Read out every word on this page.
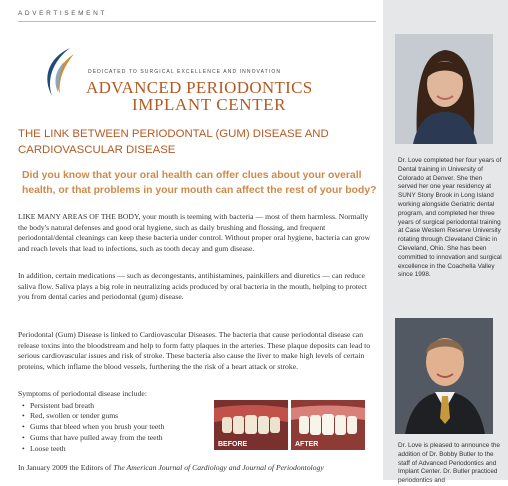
ADVERTISEMENT
DEDICATED TO SURGICAL EXCELLENCE AND INNOVATION
ADVANCED PERIODONTICS
IMPLANT CENTER
THE LINK BETWEEN PERIODONTAL (GUM) DISEASE AND CARDIOVASCULAR DISEASE
Did you know that your oral health can offer clues about your overall health, or that problems in your mouth can affect the rest of your body?

LIKE MANY AREAS OF THE BODY, your mouth is teeming with bacteria — most of them harmless. Normally the body's natural defenses and good oral hygiene, such as daily brushing and flossing, and frequent periodontal/dental cleanings can keep these bacteria under control. Without proper oral hygiene, bacteria can grow and reach levels that lead to infections, such as tooth decay and gum disease.

In addition, certain medications — such as decongestants, antihistamines, painkillers and diuretics — can reduce saliva flow. Saliva plays a big role in neutralizing acids produced by oral bacteria in the mouth, helping to protect you from dental caries and periodontal (gum) disease.

Periodontal (Gum) Disease is linked to Cardiovascular Diseases. The bacteria that cause periodontal disease can release toxins into the bloodstream and help to form fatty plaques in the arteries. These plaque deposits can lead to serious cardiovascular issues and risk of stroke. These bacteria also cause the liver to make high levels of certain proteins, which inflame the blood vessels, furthering the the risk of a heart attack or stroke.

Symptoms of periodontal disease include:
• Persistent bad breath
• Red, swollen or tender gums
• Gums that bleed when you brush your teeth
• Gums that have pulled away from the teeth
• Loose teeth	BEFORE	AFTER
In January 2009 the Editors of The American Journal of Cardiology and Journal of Periodontology

Dr. Love completed her four years of Dental training in University of Colorado at Denver. She then served her one year residency at SUNY Stony Brook in Long Island working alongside Geriatric dental program, and completed her three years of surgical periodontal training at Case Western Reserve University rotating through Cleveland Clinic in Cleveland, Ohio. She has been committed to innovation and surgical excellence in the Coachella Valley since 1998.

Dr. Love is pleased to announce the addition of Dr. Bobby Butler to the staff of Advanced Periodontics and Implant Center. Dr. Butler practiced periodontics and
